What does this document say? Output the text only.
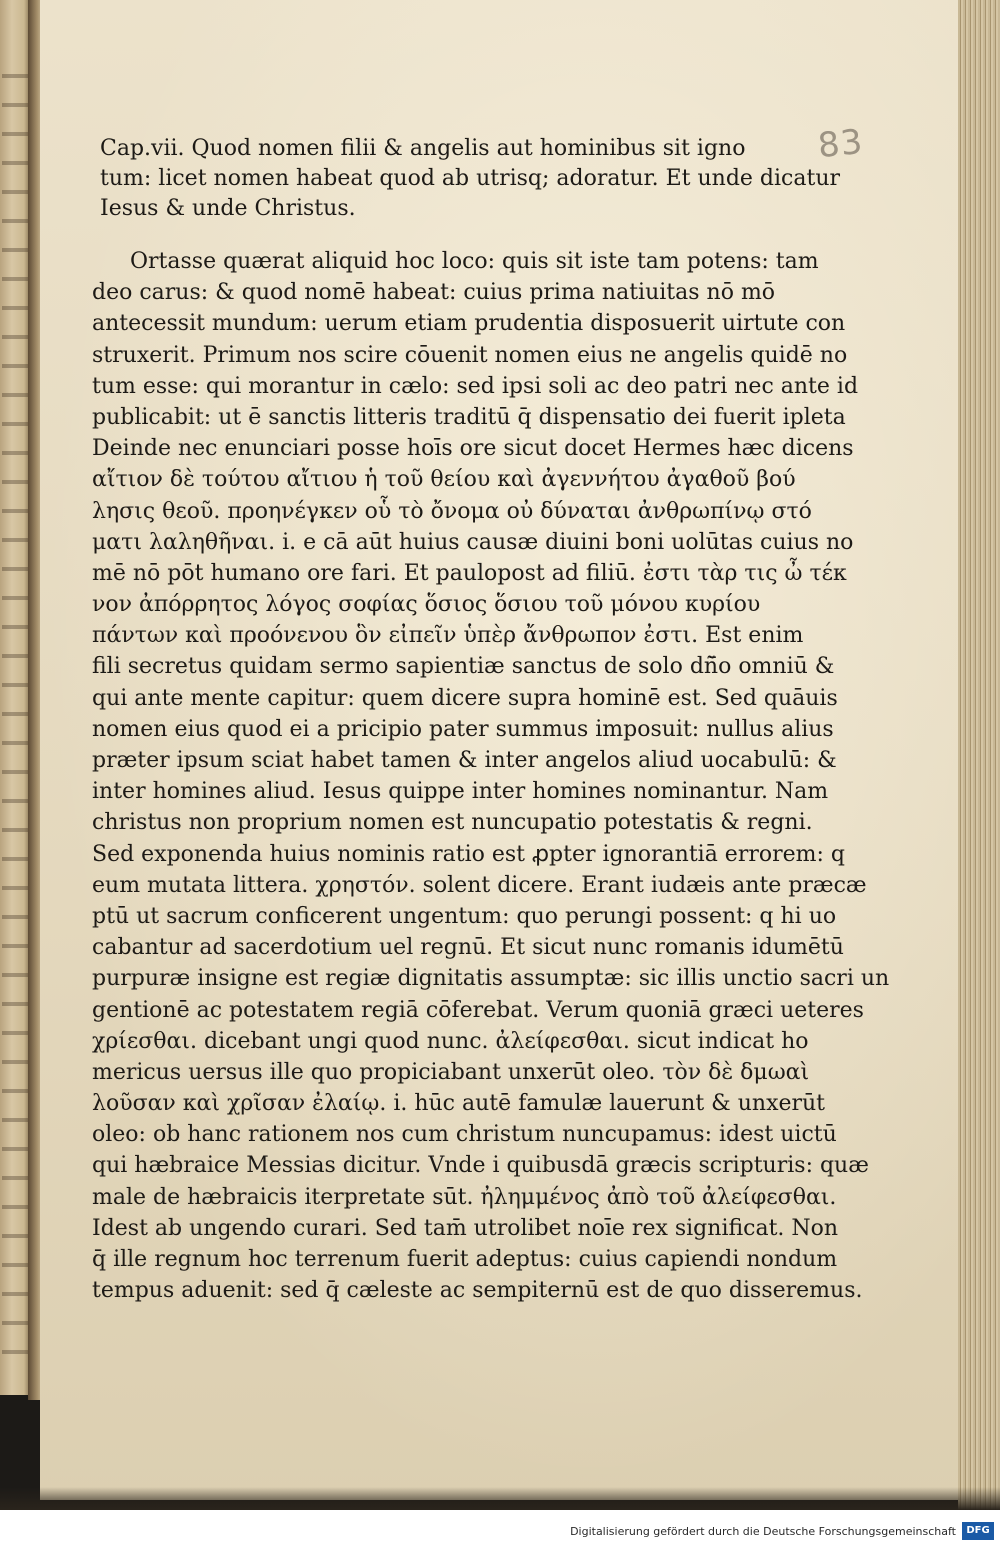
83
Cap.vii. Quod nomen filii & angelis aut hominibus sit igno
tum: licet nomen habeat quod ab utrisq; adoratur. Et unde dicatur
Iesus & unde Christus.
Ortasse quærat aliquid hoc loco: quis sit iste tam potens: tam
deo carus: & quod nomē habeat: cuius prima natiuitas nō mō
antecessit mundum: uerum etiam prudentia disposuerit uirtute con
struxerit. Primum nos scire cōuenit nomen eius ne angelis quidē no
tum esse: qui morantur in cælo: sed ipsi soli ac deo patri nec ante id
publicabit: ut ē sanctis litteris traditū q̄ dispensatio dei fuerit ipleta
Deinde nec enunciari posse hoīs ore sicut docet Hermes hæc dicens
αἴτιον δὲ τούτου αἴτιου ἡ τοῦ θείου καὶ ἀγεννήτου ἀγαθοῦ βού
λησις θεοῦ. προηνέγκεν οὗ τὸ ὄνομα οὐ δύναται ἀνθρωπίνῳ στό
ματι λαληθῆναι. i. e cā aūt huius causæ diuini boni uolūtas cuius no
mē nō pōt humano ore fari. Et paulopost ad filiū. ἐστι τὰρ τις ὦ τέκ
νον ἀπόρρητος λόγος σοφίας ὅσιος ὅσιου τοῦ μόνου κυρίου
πάντων καὶ προόνενου ὃν εἰπεῖν ὑπὲρ ἄνθρωπον ἐστι. Est enim
fili secretus quidam sermo sapientiæ sanctus de solo dñ̄o omniū &
qui ante mente capitur: quem dicere supra hominē est. Sed quāuis
nomen eius quod ei a pricipio pater summus imposuit: nullus alius
præter ipsum sciat habet tamen & inter angelos aliud uocabulū: &
inter homines aliud. Iesus quippe inter homines nominantur. Nam
christus non proprium nomen est nuncupatio potestatis & regni.
Sed exponenda huius nominis ratio est ꝓpter ignorantiā errorem: q
eum mutata littera. χρηστόν. solent dicere. Erant iudæis ante præcæ
ptū ut sacrum conficerent ungentum: quo perungi possent: q hi uo
cabantur ad sacerdotium uel regnū. Et sicut nunc romanis idumētū
purpuræ insigne est regiæ dignitatis assumptæ: sic illis unctio sacri un
gentionē ac potestatem regiā cōferebat. Verum quoniā græci ueteres
χρίεσθαι. dicebant ungi quod nunc. ἀλείφεσθαι. sicut indicat ho
mericus uersus ille quo propiciabant unxerūt oleo. τὸν δὲ δμωαὶ
λοῦσαν καὶ χρῖσαν ἐλαίῳ. i. hūc autē famulæ lauerunt & unxerūt
oleo: ob hanc rationem nos cum christum nuncupamus: idest uictū
qui hæbraice Messias dicitur. Vnde i quibusdā græcis scripturis: quæ
male de hæbraicis iterpretate sūt. ἠλημμένος ἀπὸ τοῦ ἀλείφεσθαι.
Idest ab ungendo curari. Sed tam̄ utrolibet noīe rex significat. Non
q̄ ille regnum hoc terrenum fuerit adeptus: cuius capiendi nondum
tempus aduenit: sed q̄ cæleste ac sempiternū est de quo disseremus.
Digitalisierung gefördert durch die Deutsche Forschungsgemeinschaft	DFG
